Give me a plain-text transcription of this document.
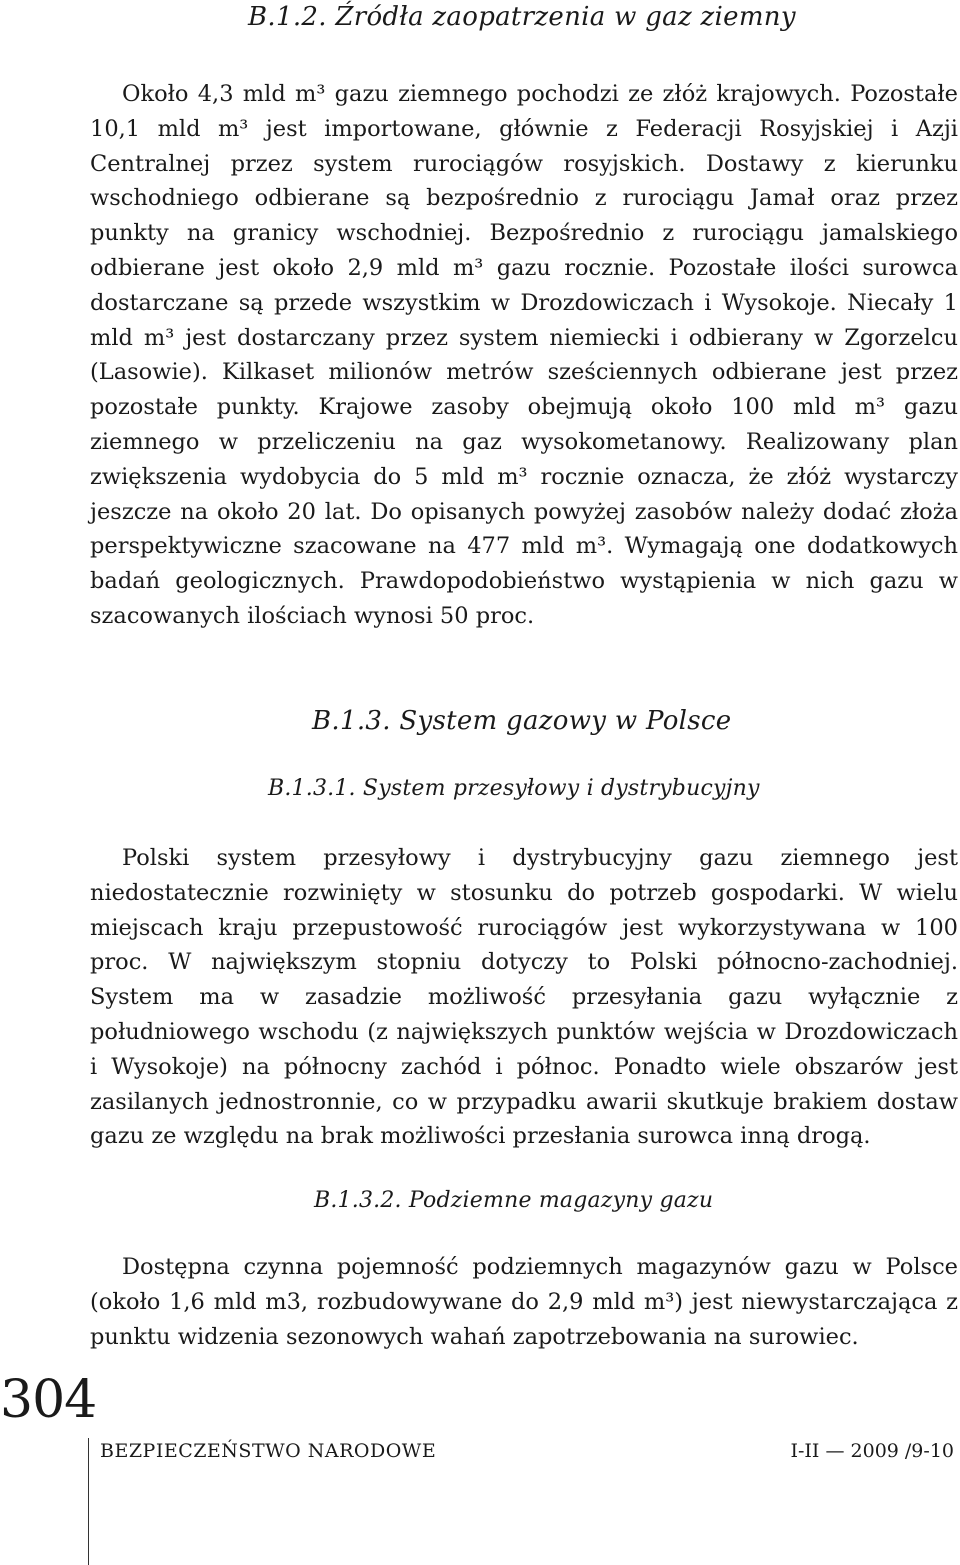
B.1.2. Źródła zaopatrzenia w gaz ziemny

Około 4,3 mld m³ gazu ziemnego pochodzi ze złóż krajowych. Pozostałe 10,1 mld m³ jest importowane, głównie z Federacji Rosyjskiej i Azji Centralnej przez system rurociągów rosyjskich. Dostawy z kierunku wschodniego odbierane są bezpośrednio z rurociągu Jamał oraz przez punkty na granicy wschodniej. Bezpośrednio z rurociągu jamalskiego odbierane jest około 2,9 mld m³ gazu rocznie. Pozostałe ilości surowca dostarczane są przede wszystkim w Drozdowiczach i Wysokoje. Niecały 1 mld m³ jest dostarczany przez system niemiecki i odbierany w Zgorzelcu (Lasowie). Kilkaset milionów metrów sześciennych odbierane jest przez pozostałe punkty. Krajowe zasoby obejmują około 100 mld m³ gazu ziemnego w przeliczeniu na gaz wysokometanowy. Realizowany plan zwiększenia wydobycia do 5 mld m³ rocznie oznacza, że złóż wystarczy jeszcze na około 20 lat. Do opisanych powyżej zasobów należy dodać złoża perspektywiczne szacowane na 477 mld m³. Wymagają one dodatkowych badań geologicznych. Prawdopodobieństwo wystąpienia w nich gazu w szacowanych ilościach wynosi 50 proc.

B.1.3. System gazowy w Polsce
B.1.3.1. System przesyłowy i dystrybucyjny

Polski system przesyłowy i dystrybucyjny gazu ziemnego jest niedostatecznie rozwinięty w stosunku do potrzeb gospodarki. W wielu miejscach kraju przepustowość rurociągów jest wykorzystywana w 100 proc. W największym stopniu dotyczy to Polski północno-zachodniej. System ma w zasadzie możliwość przesyłania gazu wyłącznie z południowego wschodu (z największych punktów wejścia w Drozdowiczach i Wysokoje) na północny zachód i północ. Ponadto wiele obszarów jest zasilanych jednostronnie, co w przypadku awarii skutkuje brakiem dostaw gazu ze względu na brak możliwości przesłania surowca inną drogą.

B.1.3.2. Podziemne magazyny gazu

Dostępna czynna pojemność podziemnych magazynów gazu w Polsce (około 1,6 mld m3, rozbudowywane do 2,9 mld m³) jest niewystarczająca z punktu widzenia sezonowych wahań zapotrzebowania na surowiec.

304
BEZPIECZEŃSTWO NARODOWE	I-II — 2009 /9-10
